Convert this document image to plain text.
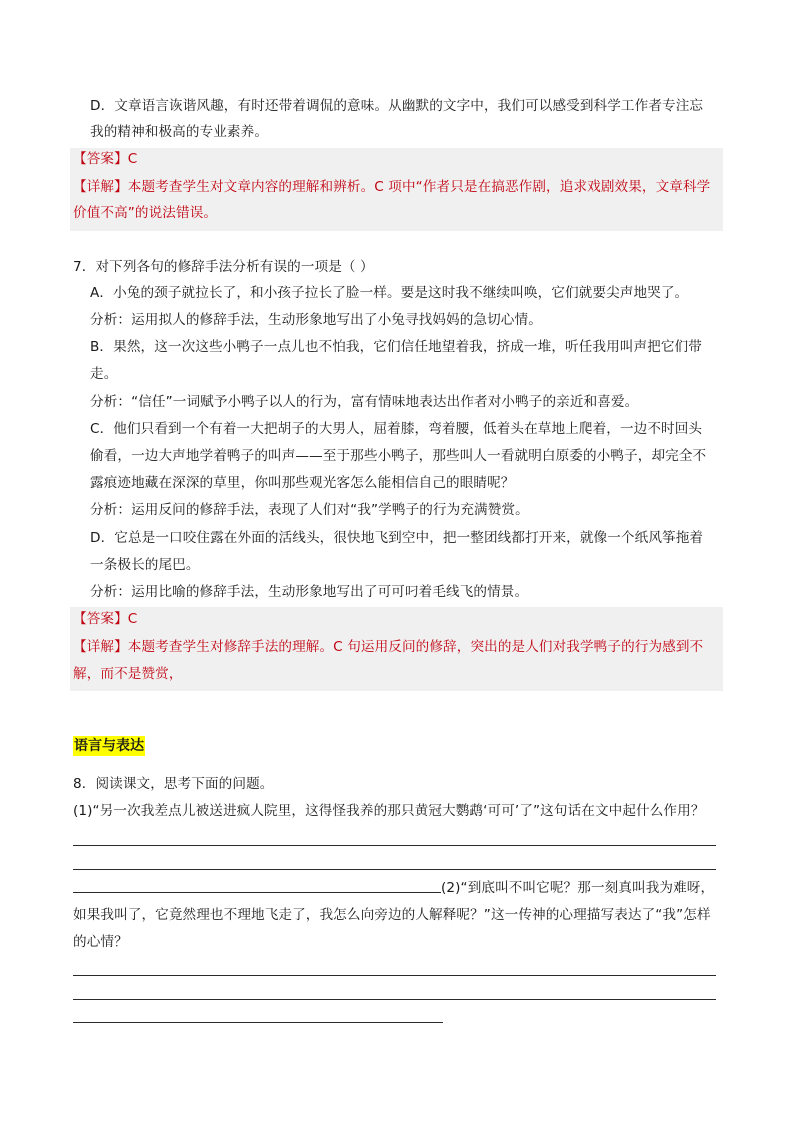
D．文章语言诙谐风趣，有时还带着调侃的意味。从幽默的文字中，我们可以感受到科学工作者专注忘
我的精神和极高的专业素养。
【答案】C
【详解】本题考查学生对文章内容的理解和辨析。C 项中“作者只是在搞恶作剧，追求戏剧效果，文章科学
价值不高”的说法错误。
7．对下列各句的修辞手法分析有误的一项是（ ）
A．小兔的颈子就拉长了，和小孩子拉长了脸一样。要是这时我不继续叫唤，它们就要尖声地哭了。
分析：运用拟人的修辞手法，生动形象地写出了小兔寻找妈妈的急切心情。
B．果然，这一次这些小鸭子一点儿也不怕我，它们信任地望着我，挤成一堆，听任我用叫声把它们带
走。
分析：“信任”一词赋予小鸭子以人的行为，富有情味地表达出作者对小鸭子的亲近和喜爱。
C．他们只看到一个有着一大把胡子的大男人，屈着膝，弯着腰，低着头在草地上爬着，一边不时回头
偷看，一边大声地学着鸭子的叫声——至于那些小鸭子，那些叫人一看就明白原委的小鸭子，却完全不
露痕迹地藏在深深的草里，你叫那些观光客怎么能相信自己的眼睛呢？
分析：运用反问的修辞手法，表现了人们对“我”学鸭子的行为充满赞赏。
D．它总是一口咬住露在外面的活线头，很快地飞到空中，把一整团线都打开来，就像一个纸风筝拖着
一条极长的尾巴。
分析：运用比喻的修辞手法，生动形象地写出了可可叼着毛线飞的情景。
【答案】C
【详解】本题考查学生对修辞手法的理解。C 句运用反问的修辞，突出的是人们对我学鸭子的行为感到不
解，而不是赞赏，
语言与表达
8．阅读课文，思考下面的问题。
(1)“另一次我差点儿被送进疯人院里，这得怪我养的那只黄冠大鹦鹉‘可可’了”这句话在文中起什么作用？
(2)“到底叫不叫它呢？那一刻真叫我为难呀，
如果我叫了，它竟然理也不理地飞走了，我怎么向旁边的人解释呢？”这一传神的心理描写表达了“我”怎样
的心情？
